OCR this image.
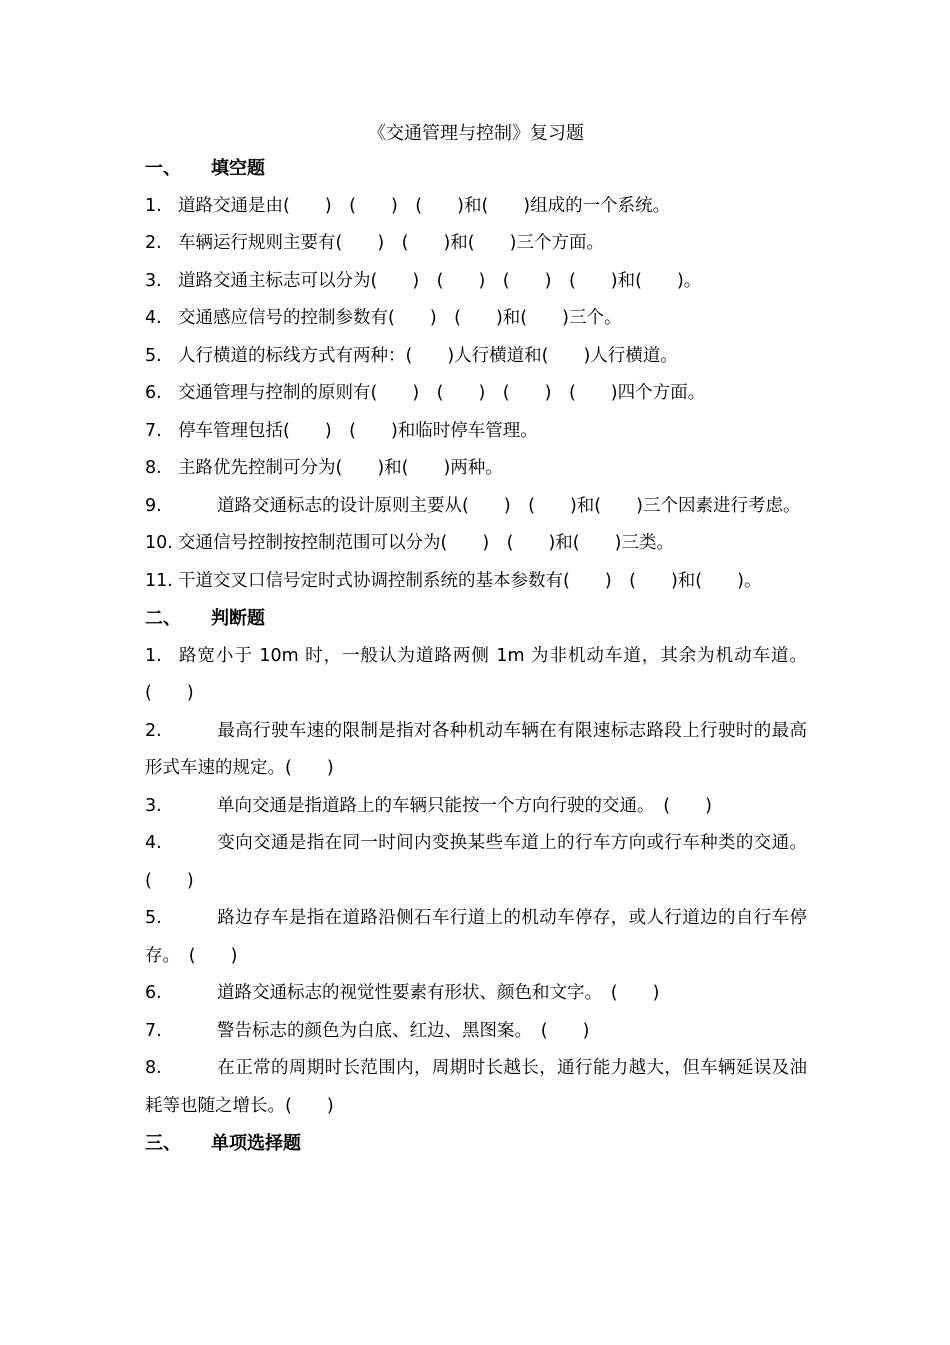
《交通管理与控制》复习题
一、 填空题
1. 道路交通是由(　　)　(　　)　(　　)和(　　)组成的一个系统。
2. 车辆运行规则主要有(　　)　(　　)和(　　)三个方面。
3. 道路交通主标志可以分为(　　)　(　　)　(　　)　(　　)和(　　)。
4. 交通感应信号的控制参数有(　　)　(　　)和(　　)三个。
5. 人行横道的标线方式有两种：(　　)人行横道和(　　)人行横道。
6. 交通管理与控制的原则有(　　)　(　　)　(　　)　(　　)四个方面。
7. 停车管理包括(　　)　(　　)和临时停车管理。
8. 主路优先控制可分为(　　)和(　　)两种。
9.	道路交通标志的设计原则主要从(　　)　(　　)和(　　)三个因素进行考虑。
10. 交通信号控制按控制范围可以分为(　　)　(　　)和(　　)三类。
11. 干道交叉口信号定时式协调控制系统的基本参数有(　　)　(　　)和(　　)。
二、 判断题
1. 路宽小于 10m 时，一般认为道路两侧 1m 为非机动车道，其余为机动车道。(　　)
2.	最高行驶车速的限制是指对各种机动车辆在有限速标志路段上行驶时的最高形式车速的规定。(　　)
3.	单向交通是指道路上的车辆只能按一个方向行驶的交通。　(　　)
4.	变向交通是指在同一时间内变换某些车道上的行车方向或行车种类的交通。(　　)
5.	路边存车是指在道路沿侧石车行道上的机动车停存，或人行道边的自行车停存。　(　　)
6.	道路交通标志的视觉性要素有形状、颜色和文字。　(　　)
7.	警告标志的颜色为白底、红边、黑图案。　(　　)
8.	在正常的周期时长范围内，周期时长越长，通行能力越大，但车辆延误及油耗等也随之增长。(　　)
三、 单项选择题
